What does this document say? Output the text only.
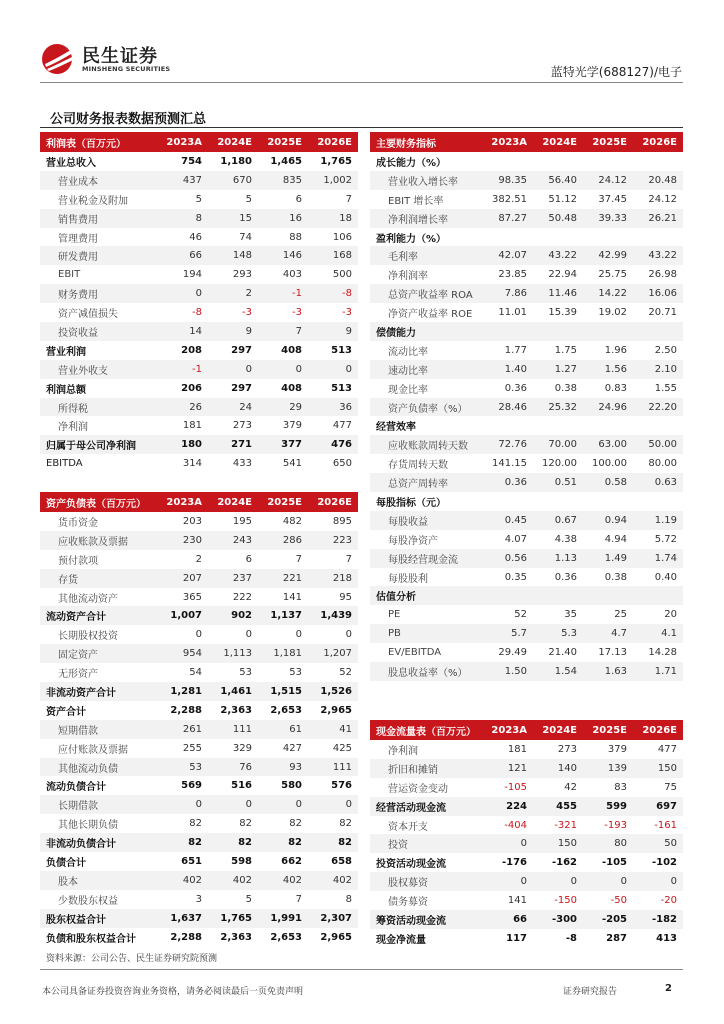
民生证券
MINSHENG SECURITIES	蓝特光学(688127)/电子
公司财务报表数据预测汇总
利润表（百万元）	2023A	2024E	2025E	2026E
营业总收入	754	1,180	1,465	1,765
营业成本	437	670	835	1,002
营业税金及附加	5	5	6	7
销售费用	8	15	16	18
管理费用	46	74	88	106
研发费用	66	148	146	168
EBIT	194	293	403	500
财务费用	0	2	-1	-8
资产减值损失	-8	-3	-3	-3
投资收益	14	9	7	9
营业利润	208	297	408	513
营业外收支	-1	0	0	0
利润总额	206	297	408	513
所得税	26	24	29	36
净利润	181	273	379	477
归属于母公司净利润	180	271	377	476
EBITDA	314	433	541	650
资产负债表（百万元）	2023A	2024E	2025E	2026E
货币资金	203	195	482	895
应收账款及票据	230	243	286	223
预付款项	2	6	7	7
存货	207	237	221	218
其他流动资产	365	222	141	95
流动资产合计	1,007	902	1,137	1,439
长期股权投资	0	0	0	0
固定资产	954	1,113	1,181	1,207
无形资产	54	53	53	52
非流动资产合计	1,281	1,461	1,515	1,526
资产合计	2,288	2,363	2,653	2,965
短期借款	261	111	61	41
应付账款及票据	255	329	427	425
其他流动负债	53	76	93	111
流动负债合计	569	516	580	576
长期借款	0	0	0	0
其他长期负债	82	82	82	82
非流动负债合计	82	82	82	82
负债合计	651	598	662	658
股本	402	402	402	402
少数股东权益	3	5	7	8
股东权益合计	1,637	1,765	1,991	2,307
负债和股东权益合计	2,288	2,363	2,653	2,965
主要财务指标	2023A	2024E	2025E	2026E
成长能力（%）				
营业收入增长率	98.35	56.40	24.12	20.48
EBIT 增长率	382.51	51.12	37.45	24.12
净利润增长率	87.27	50.48	39.33	26.21
盈利能力（%）				
毛利率	42.07	43.22	42.99	43.22
净利润率	23.85	22.94	25.75	26.98
总资产收益率 ROA	7.86	11.46	14.22	16.06
净资产收益率 ROE	11.01	15.39	19.02	20.71
偿债能力				
流动比率	1.77	1.75	1.96	2.50
速动比率	1.40	1.27	1.56	2.10
现金比率	0.36	0.38	0.83	1.55
资产负债率（%）	28.46	25.32	24.96	22.20
经营效率				
应收账款周转天数	72.76	70.00	63.00	50.00
存货周转天数	141.15	120.00	100.00	80.00
总资产周转率	0.36	0.51	0.58	0.63
每股指标（元）				
每股收益	0.45	0.67	0.94	1.19
每股净资产	4.07	4.38	4.94	5.72
每股经营现金流	0.56	1.13	1.49	1.74
每股股利	0.35	0.36	0.38	0.40
估值分析				
PE	52	35	25	20
PB	5.7	5.3	4.7	4.1
EV/EBITDA	29.49	21.40	17.13	14.28
股息收益率（%）	1.50	1.54	1.63	1.71
现金流量表（百万元）	2023A	2024E	2025E	2026E
净利润	181	273	379	477
折旧和摊销	121	140	139	150
营运资金变动	-105	42	83	75
经营活动现金流	224	455	599	697
资本开支	-404	-321	-193	-161
投资	0	150	80	50
投资活动现金流	-176	-162	-105	-102
股权募资	0	0	0	0
债务募资	141	-150	-50	-20
筹资活动现金流	66	-300	-205	-182
现金净流量	117	-8	287	413
资料来源：公司公告、民生证券研究院预测
本公司具备证券投资咨询业务资格，请务必阅读最后一页免责声明	证券研究报告	2
